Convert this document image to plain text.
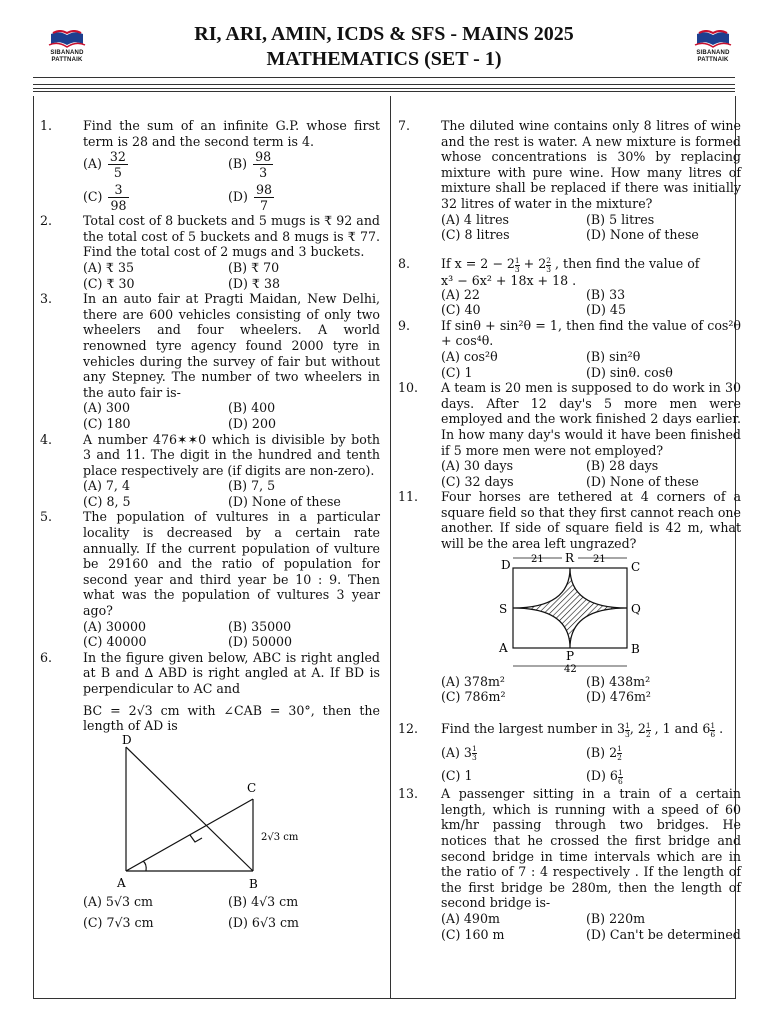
SIBANAND
PATTNAIK
SIBANAND
PATTNAIK
RI, ARI, AMIN, ICDS & SFS - MAINS 2025
MATHEMATICS (SET - 1)
1. Find the sum of an infinite G.P. whose first term is 28 and the second term is 4.
$(A) \frac{32}{5}$	$(B) \frac{98}{3}$
$(C) \frac{3}{98}$	$(D) \frac{98}{7}$
2. Total cost of 8 buckets and 5 mugs is ₹ 92 and the total cost of 5 buckets and 8 mugs is ₹ 77. Find the total cost of 2 mugs and 3 buckets.
(A) ₹ 35	(B) ₹ 70
(C) ₹ 30	(D) ₹ 38
3. In an auto fair at Pragti Maidan, New Delhi, there are 600 vehicles consisting of only two wheelers and four wheelers. A world renowned tyre agency found 2000 tyre in vehicles during the survey of fair but without any Stepney. The number of two wheelers in the auto fair is-
(A) 300	(B) 400
(C) 180	(D) 200
4. A number 476✶✶0 which is divisible by both 3 and 11. The digit in the hundred and tenth place respectively are (if digits are non-zero).
(A) 7, 4	(B) 7, 5
(C) 8, 5	(D) None of these
5. The population of vultures in a particular locality is decreased by a certain rate annually. If the current population of vulture be 29160 and the ratio of population for second year and third year be 10 : 9. Then what was the population of vultures 3 year ago?
(A) 30000	(B) 35000
(C) 40000	(D) 50000
6. In the figure given below, ABC is right angled at B and ∆ ABD is right angled at A. If BD is perpendicular to AC and
BC = 2√3 cm with ∠CAB = 30°, then the length of AD is
D
C
A	B
2√3 cm
(A) 5√3 cm	(B) 4√3 cm
(C) 7√3 cm	(D) 6√3 cm
7. The diluted wine contains only 8 litres of wine and the rest is water. A new mixture is formed whose concentrations is 30% by replacing mixture with pure wine. How many litres of mixture shall be replaced if there was initially 32 litres of water in the mixture?
(A) 4 litres	(B) 5 litres
(C) 8 litres	(D) None of these
8. If $x = 2 - 2 \frac{1}{3} + 2 \frac{2}{3}$ , then find the value of
x³ − 6x² + 18x + 18 .
(A) 22	(B) 33
(C) 40	(D) 45
9. If sinθ + sin²θ = 1, then find the value of cos²θ + cos⁴θ.
(A) cos²θ	(B) sin²θ
(C) 1	(D) sinθ. cosθ
10. A team is 20 men is supposed to do work in 30 days. After 12 day's 5 more men were employed and the work finished 2 days earlier. In how many day's would it have been finished if 5 more men were not employed?
(A) 30 days	(B) 28 days
(C) 32 days	(D) None of these
11. Four horses are tethered at 4 corners of a square field so that they first cannot reach one another. If side of square field is 42 m, what will be the area left ungrazed?
D	R
C
S	Q
A
P	B
21	21
42
(A) 378m²	(B) 438m²
(C) 786m²	(D) 476m²
12. Find the largest number in $3 \frac{1}{3}$ , $2 \frac{1}{2}$ , 1 and $6 \frac{1}{6}$ .
(A) $3 \frac{1}{3}$	(B) $2 \frac{1}{2}$
(C) 1	(D) $6 \frac{1}{6}$
13. A passenger sitting in a train of a certain length, which is running with a speed of 60 km/hr passing through two bridges. He notices that he crossed the first bridge and second bridge in time intervals which are in the ratio of 7 : 4 respectively . If the length of the first bridge be 280m, then the length of second bridge is-
(A) 490m	(B) 220m
(C) 160 m	(D) Can't be determined
